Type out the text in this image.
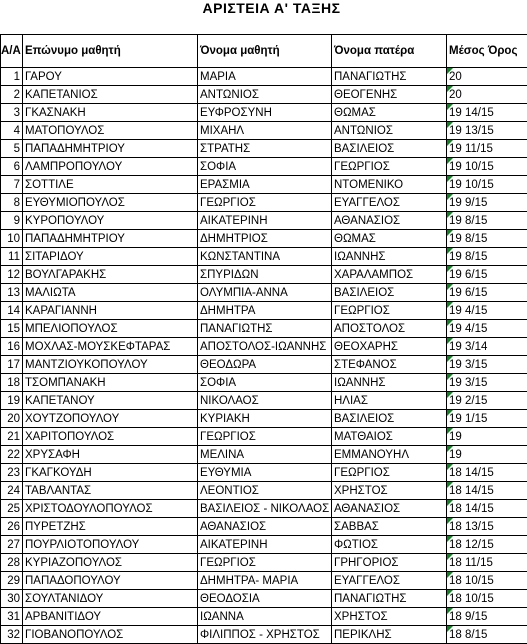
ΑΡΙΣΤΕΙΑ Α' ΤΑΞΗΣ
Α/Α	Επώνυμο μαθητή	Όνομα μαθητή	Όνομα πατέρα	Μέσος Όρος
1	ΓΑΡΟΥ	ΜΑΡΙΑ	ΠΑΝΑΓΙΩΤΗΣ	20
2	ΚΑΠΕΤΑΝΙΟΣ	ΑΝΤΩΝΙΟΣ	ΘΕΟΓΕΝΗΣ	20
3	ΓΚΑΣΝΑΚΗ	ΕΥΦΡΟΣΥΝΗ	ΘΩΜΑΣ	19 14/15
4	ΜΑΤΟΠΟΥΛΟΣ	ΜΙΧΑΗΛ	ΑΝΤΩΝΙΟΣ	19 13/15
5	ΠΑΠΑΔΗΜΗΤΡΙΟΥ	ΣΤΡΑΤΗΣ	ΒΑΣΙΛΕΙΟΣ	19 11/15
6	ΛΑΜΠΡΟΠΟΥΛΟΥ	ΣΟΦΙΑ	ΓΕΩΡΓΙΟΣ	19 10/15
7	ΣΟΤΤΙΛΕ	ΕΡΑΣΜΙΑ	ΝΤΟΜΕΝΙΚΟ	19 10/15
8	ΕΥΘΥΜΙΟΠΟΥΛΟΣ	ΓΕΩΡΓΙΟΣ	ΕΥΑΓΓΕΛΟΣ	19 9/15
9	ΚΥΡΟΠΟΥΛΟΥ	ΑΙΚΑΤΕΡΙΝΗ	ΑΘΑΝΑΣΙΟΣ	19 8/15
10	ΠΑΠΑΔΗΜΗΤΡΙΟΥ	ΔΗΜΗΤΡΙΟΣ	ΘΩΜΑΣ	19 8/15
11	ΣΙΤΑΡΙΔΟΥ	ΚΩΝΣΤΑΝΤΙΝΑ	ΙΩΑΝΝΗΣ	19 8/15
12	ΒΟΥΛΓΑΡΑΚΗΣ	ΣΠΥΡΙΔΩΝ	ΧΑΡΑΛΑΜΠΟΣ	19 6/15
13	ΜΑΛΙΩΤΑ	ΟΛΥΜΠΙΑ-ΑΝΝΑ	ΒΑΣΙΛΕΙΟΣ	19 6/15
14	ΚΑΡΑΓΙΑΝΝΗ	ΔΗΜΗΤΡΑ	ΓΕΩΡΓΙΟΣ	19 4/15
15	ΜΠΕΛΙΟΠΟΥΛΟΣ	ΠΑΝΑΓΙΩΤΗΣ	ΑΠΟΣΤΟΛΟΣ	19 4/15
16	ΜΟΧΛΑΣ-ΜΟΥΣΚΕΦΤΑΡΑΣ	ΑΠΟΣΤΟΛΟΣ-ΙΩΑΝΝΗΣ	ΘΕΟΧΑΡΗΣ	19 3/14
17	ΜΑΝΤΖΙΟΥΚΟΠΟΥΛΟΥ	ΘΕΟΔΩΡΑ	ΣΤΕΦΑΝΟΣ	19 3/15
18	ΤΣΟΜΠΑΝΑΚΗ	ΣΟΦΙΑ	ΙΩΑΝΝΗΣ	19 3/15
19	ΚΑΠΕΤΑΝΟΥ	ΝΙΚΟΛΑΟΣ	ΗΛΙΑΣ	19 2/15
20	ΧΟΥΤΖΟΠΟΥΛΟΥ	ΚΥΡΙΑΚΗ	ΒΑΣΙΛΕΙΟΣ	19 1/15
21	ΧΑΡΙΤΟΠΟΥΛΟΣ	ΓΕΩΡΓΙΟΣ	ΜΑΤΘΑΙΟΣ	19
22	ΧΡΥΣΑΦΗ	ΜΕΛΙΝΑ	ΕΜΜΑΝΟΥΗΛ	19
23	ΓΚΑΓΚΟΥΔΗ	ΕΥΘΥΜΙΑ	ΓΕΩΡΓΙΟΣ	18 14/15
24	ΤΑΒΛΑΝΤΑΣ	ΛΕΟΝΤΙΟΣ	ΧΡΗΣΤΟΣ	18 14/15
25	ΧΡΙΣΤΟΔΟΥΛΟΠΟΥΛΟΣ	ΒΑΣΙΛΕΙΟΣ - ΝΙΚΟΛΑΟΣ	ΑΘΑΝΑΣΙΟΣ	18 14/15
26	ΠΥΡΕΤΖΗΣ	ΑΘΑΝΑΣΙΟΣ	ΣΑΒΒΑΣ	18 13/15
27	ΠΟΥΡΛΙΟΤΟΠΟΥΛΟΥ	ΑΙΚΑΤΕΡΙΝΗ	ΦΩΤΙΟΣ	18 12/15
28	ΚΥΡΙΑΖΟΠΟΥΛΟΣ	ΓΕΩΡΓΙΟΣ	ΓΡΗΓΟΡΙΟΣ	18 11/15
29	ΠΑΠΑΔΟΠΟΥΛΟΥ	ΔΗΜΗΤΡΑ- ΜΑΡΙΑ	ΕΥΑΓΓΕΛΟΣ	18 10/15
30	ΣΟΥΛΤΑΝΙΔΟΥ	ΘΕΟΔΟΣΙΑ	ΠΑΝΑΓΙΩΤΗΣ	18 10/15
31	ΑΡΒΑΝΙΤΙΔΟΥ	ΙΩΑΝΝΑ	ΧΡΗΣΤΟΣ	18 9/15
32	ΓΙΟΒΑΝΟΠΟΥΛΟΣ	ΦΙΛΙΠΠΟΣ - ΧΡΗΣΤΟΣ	ΠΕΡΙΚΛΗΣ	18 8/15
